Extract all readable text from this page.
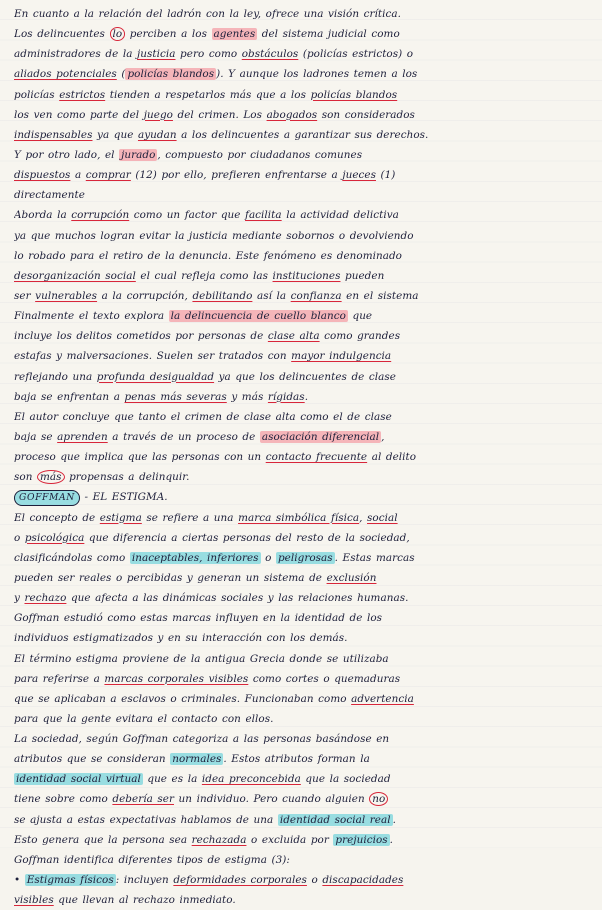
En cuanto a la relación del ladrón con la ley, ofrece una visión crítica.
Los delincuentes lo perciben a los agentes del sistema judicial como
administradores de la justicia pero como obstáculos (policías estrictos) o
aliados potenciales ( policías blandos ). Y aunque los ladrones temen a los
policías estrictos tienden a respetarlos más que a los policías blandos
los ven como parte del juego del crimen. Los abogados son considerados
indispensables ya que ayudan a los delincuentes a garantizar sus derechos.
Y por otro lado, el jurado , compuesto por ciudadanos comunes
dispuestos a comprar (12) por ello, prefieren enfrentarse a jueces (1)
directamente
Aborda la corrupción como un factor que facilita la actividad delictiva
ya que muchos logran evitar la justicia mediante sobornos o devolviendo
lo robado para el retiro de la denuncia. Este fenómeno es denominado
desorganización social el cual refleja como las instituciones pueden
ser vulnerables a la corrupción, debilitando así la confianza en el sistema
Finalmente el texto explora la delincuencia de cuello blanco que
incluye los delitos cometidos por personas de clase alta como grandes
estafas y malversaciones. Suelen ser tratados con mayor indulgencia
reflejando una profunda desigualdad ya que los delincuentes de clase
baja se enfrentan a penas más severas y más rígidas.
El autor concluye que tanto el crimen de clase alta como el de clase
baja se aprenden a través de un proceso de asociación diferencial ,
proceso que implica que las personas con un contacto frecuente al delito
son más propensas a delinquir.
GOFFMAN - EL ESTIGMA.
El concepto de estigma se refiere a una marca simbólica física, social
o psicológica que diferencia a ciertas personas del resto de la sociedad,
clasificándolas como inaceptables, inferiores o peligrosas . Estas marcas
pueden ser reales o percibidas y generan un sistema de exclusión
y rechazo que afecta a las dinámicas sociales y las relaciones humanas.
Goffman estudió como estas marcas influyen en la identidad de los
individuos estigmatizados y en su interacción con los demás.
El término estigma proviene de la antigua Grecia donde se utilizaba
para referirse a marcas corporales visibles como cortes o quemaduras
que se aplicaban a esclavos o criminales. Funcionaban como advertencia
para que la gente evitara el contacto con ellos.
La sociedad, según Goffman categoriza a las personas basándose en
atributos que se consideran normales . Estos atributos forman la
identidad social virtual que es la idea preconcebida que la sociedad
tiene sobre como debería ser un individuo. Pero cuando alguien no
se ajusta a estas expectativas hablamos de una identidad social real .
Esto genera que la persona sea rechazada o excluida por prejuicios .
Goffman identifica diferentes tipos de estigma (3):
• Estigmas físicos : incluyen deformidades corporales o discapacidades
visibles que llevan al rechazo inmediato.
